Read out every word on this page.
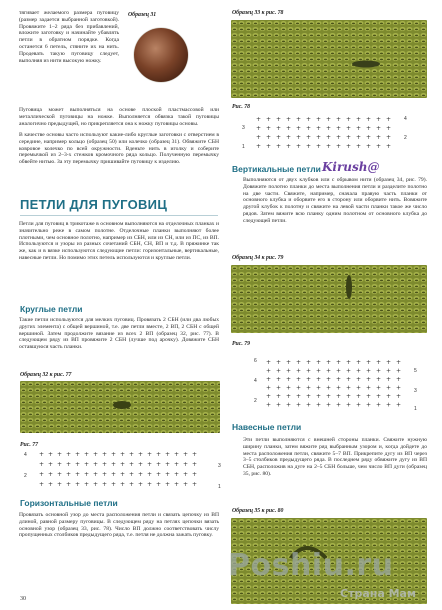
тягивает желаемого размера пуговицу (размер задается выбранной заготовкой). Провяжите 1–2 ряда без прибавлений, вложите заготовку и начинайте убавлять петли в обратном порядке. Когда останется 6 петель, стяните их на нить. Продевать такую пуговицу следует, выполняя из нити высокую ножку.
Образец 31
Пуговица может выполняться на основе плоской пластмассовой или металлической пуговицы на ножке. Выполняется обвязка такой пуговицы аналогично предыдущей, но прикрепляется она к ножку пуговицы основы.
В качестве основы часто используют какие-либо круглые заготовки с отверстием в середине, например кольцо (образец 50) или колечко (образец 31). Обвяжите СБН ковровое колечко по всей окружности. Вденьте нить в иголку и соберите перемычкой из 2–3-х стежков кромочного ряда кольцо. Полученную перемычку обвейте нитью. За эту перемычку пришивайте пуговицу к изделию.
ПЕТЛИ ДЛЯ ПУГОВИЦ
Петли для пуговиц в трикотаже в основном выполняются на отделочных планках и значительно реже в самом полотне. Отделочные планки выполняют более плотными, чем основное полотно, например из СБН, или из СН, или из ПС, из ВП. Используются и узоры из разных сочетаний СБН, СН, ВП и т.д. В пряжинке так же, как и в вязке используются следующие петли: горизонтальные, вертикальные, навесные петли. Но помимо этих петель используются и круглые петли.
Круглые петли
Такие петли используются для мелких пуговиц. Провязать 2 СБН (или два любых других элемента) с общей вершиной, т.е. две петли вместе, 2 ВП, 2 СБН с общей вершиной. Затем продолжите вязание из всех 2 ВП (образец 32, рис. 77). В следующем ряду из ВП провяжите 2 СБН (лучше под арочку). Довяжите СБН оставшуюся часть планки.
Образец 32 к рис. 77
Рис. 77
+ + + + + + + + + + + + + + + + + +
+ + + + + + + + + + + + + + + + + +
+ + + + + + + + + + + + + + + + + +
+ + + + + + + + + + + + + + + + + +
4
2
3
1
Горизонтальные петли
Провязать основной узор до места расположения петли и связать цепочку из ВП длиной, равной размеру пуговицы. В следующем ряду на петлях цепочки вязать основной узор (образец 33, рис. 78). Число ВП должно соответствовать числу пропущенных столбиков предыдущего ряда, т.е. петля не должна зажать пуговку.
30
Образец 33 к рис. 78
Рис. 78
+ + + + + + + + + + + + + +
+ + + + + + + + + + + + + +
+ + + + + + + + + + + + + +
+ + + + + + + + + + + + + +
4
2
3
1
Вертикальные петли Kirush@
Выполняются от двух клубков или с обрывом нити (образец 34, рис. 79). Довяжите полотно планки до места выполнения петли и разделите полотно на две части. Свяжите, например, сначала правую часть планки от основного клубка и оборвите его в сторону или оборвите нить. Вовяжите другой клубок к полотну и свяжите на левой части планки такое же число рядов. Затем вяжите всю планку одним полотном от основного клубка до следующей петли.
Образец 34 к рис. 79
Рис. 79
+ + + + + + + + + + + + + +
+ + + + + + + + + + + + + +
+ + + + + + + + + + + + + +
+ + + + + + + + + + + + + +
+ + + + + + + + + + + + + +
+ + + + + + + + + + + + + +
6
4
2
5
3
1
Навесные петли
Эти петли выполняются с внешней стороны планки. Свяжите нужную ширину планки, затем вяжите ряд выбранным узором и, когда дойдете до места расположения петли, свяжите 5–7 ВП. Прикрепите дугу из ВП через 3–5 столбиков предыдущего ряда. В последнем ряду обвяжите дугу из ВП СБН, расположив на дуге на 2–5 СБН больше, чем число ВП дуги (образец 35, рис. 80).
Образец 35 к рис. 80
Poshiu.ru
Страна Мам
